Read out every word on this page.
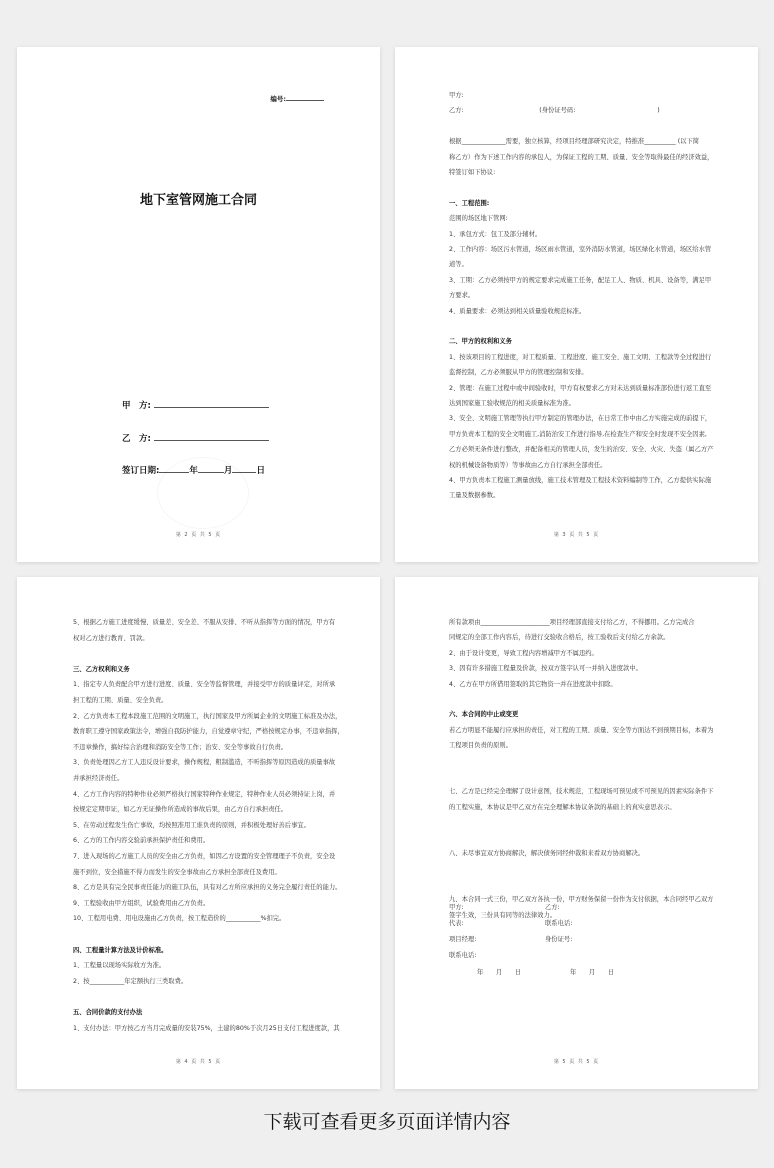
编号:
地下室管网施工合同
甲　方:
乙　方:
签订日期:	年	月	日
第 2 页 共 5 页
甲方:
乙方:　　　　　　　　　　　　(身份证号码:　　　　　　　　　　　　　)
根据______________需要，独立核算，经项目经理部研究决定，特推准__________ (以下简
称乙方）作为下述工作内容的承包人，为保证工程的工期、质量、安全等取得最佳的经济效益，
特签订如下协议:
一、工程范围:
范围的场区地下管网:
1、承包方式：包工及部分辅材。
2、工作内容：场区污水管道，场区雨水管道，室外消防水管道，场区绿化水管道，场区给水管
道等。
3、工期：乙方必须按甲方的规定要求完成施工任务，配足工人、物质、机具、设备等，满足甲
方要求。
4、质量要求：必须达到相关质量验收规范标准。
二、甲方的权利和义务
1、按该项目的工程进度，对工程质量、工程进度、施工安全、施工文明、工程款等全过程进行
监督控制，乙方必须服从甲方的管理控制和安排。
2、管理：在施工过程中或中间验收时，甲方有权要求乙方对未达到质量标准部份进行返工直至
达到国家施工验收规范的相关质量标准为准。
3、安全、文明施工管理等执行甲方制定的管理办法，在日常工作中由乙方实施完成的前提下，
甲方负责本工程的安全文明施工,消防治安工作进行指导,在检查生产和安全时发现不安全因素,
乙方必须无条件进行整改，并配备相关的管理人员，发生的治安、安全、火灾、失盗（属乙方产
权的机械设备物质等）等事故由乙方自行承担全部责任。
4、甲方负责本工程施工测量放线，施工技术管理及工程技术资料编制等工作，乙方提供实际施
工量及数据参数。
第 3 页 共 5 页
5、根据乙方施工进度缓慢、质量差、安全差、不服从安排、不听从指挥等方面的情况，甲方有
权对乙方进行教育、罚款。
三、乙方权利和义务
1、指定专人负责配合甲方进行进度、质量、安全等监督管理，并接受甲方的质量评定，对所承
担工程的工期、质量、安全负责。
2、乙方负责本工程本段施工范围的文明施工，执行国家及甲方所属企业的文明施工标准及办法，
教育职工遵守国家政策法令，增强自我防护能力，自觉遵章守纪，严格按规定办事，不违章指挥，
不违章操作，搞好综合治理和消防安全等工作；治安、安全等事故自行负责。
3、负责处理因乙方工人违反设计要求，操作规程，粗制滥造，不听指挥等原因造成的质量事故
并承担经济责任。
4、乙方工作内容的特种作业必须严格执行国家特种作业规定，特种作业人员必须持证上岗，并
按规定定期审证，如乙方无证操作所造成的事故后果，由乙方自行承担责任。
5、在劳动过程发生伤亡事故，均按照准用工谁负责的原则，并积极处理好善后事宜。
6、乙方的工作内容交验前承担保护责任和费用。
7、进入现场的乙方施工人员的安全由乙方负责，如因乙方设置的安全管理理子不负责，安全设
施不到位，安全措施不得力而发生的安全事故由乙方承担全部责任及费用。
8、乙方是具有完全民事责任能力的施工队伍，具有对乙方所应承担的义务完全履行责任的能力。
9、工程验收由甲方组织，试验费用由乙方负责。
10、工程用电费、用电设施由乙方负责，按工程造价的___________%扣完。
四、工程量计算方法及计价标准。
1、工程量以现场实际收方为准。
2、按___________年定额执行三类取费。
五、合同价款的支付办法
1、支付办法：甲方按乙方当月完成量的安装75%，土建的80%于次月25日支付工程进度款，其
第 4 页 共 5 页
所有款项由______________________项目经理部直接支付给乙方，不得挪用。乙方完成合
同规定的全部工作内容后，待进行交验收合格后，按工验收后支付给乙方余款。
2、由于设计变更，导致工程内容增减甲方不属违约。
3、因有许多措施工程量及价款，按双方签字认可一并纳入进度款中。
4、乙方在甲方所借用签取的其它物资一并在进度款中扣除。
六、本合同的中止或变更
若乙方明显不能履行应承担的责任，对工程的工期、质量、安全等方面达不到预期目标，本着为
工程项目负责的原则。
七、乙方是已经完全理解了设计意图，技术规范，工程现场可预见或不可预见的因素实际条件下
的工程实施，本协议是甲乙双方在完全理解本协议条款的基础上的真实意思表示。
八、未尽事宜双方协商解决，解决债务同经仲裁和来看双方协商解决。
九、本合同一式三份，甲乙双方各执一份，甲方财务保留一份作为支付依据，本合同经甲乙双方
签字生效，三份具有同等的法律效力。
甲方:	乙方:
代表:	联系电话:
项目经理:	身份证号:
联系电话:
年　　月　　日	年　　月　　日
第 5 页 共 5 页
下载可查看更多页面详情内容
